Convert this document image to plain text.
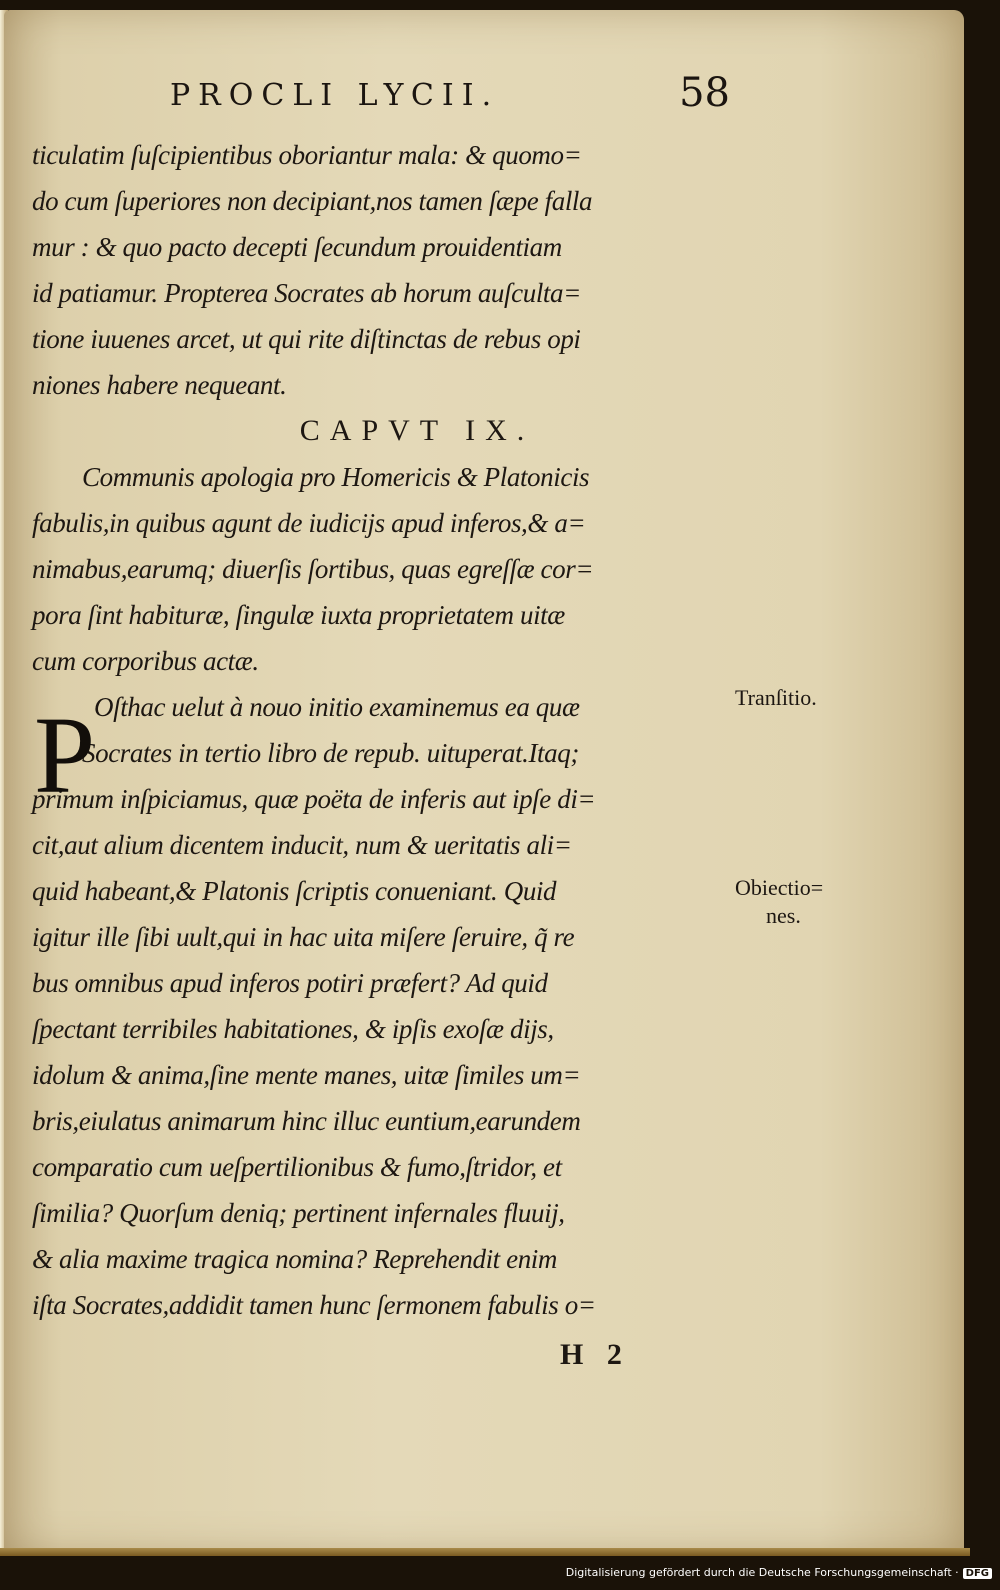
PROCLI LYCII.	58
ticulatim ſuſcipientibus oboriantur mala: & quomo=
do cum ſuperiores non decipiant,nos tamen ſæpe falla
mur : & quo pacto decepti ſecundum prouidentiam
id patiamur. Propterea Socrates ab horum auſculta=
tione iuuenes arcet, ut qui rite diſtinctas de rebus opi
niones habere nequeant.
CAPVT IX.
Communis apologia pro Homericis & Platonicis
fabulis,in quibus agunt de iudicijs apud inferos,& a=
nimabus,earumq; diuerſis ſortibus, quas egreſſæ cor=
pora ſint habituræ, ſingulæ iuxta proprietatem uitæ
cum corporibus actæ.
Oſthac uelut à nouo initio examinemus ea quæ
Socrates in tertio libro de repub. uituperat.Itaq;
primum inſpiciamus, quæ poëta de inferis aut ipſe di=
cit,aut alium dicentem inducit, num & ueritatis ali=
quid habeant,& Platonis ſcriptis conueniant. Quid
igitur ille ſibi uult,qui in hac uita miſere ſeruire, q̃ re
bus omnibus apud inferos potiri præfert? Ad quid
ſpectant terribiles habitationes, & ipſis exoſæ dijs,
idolum & anima,ſine mente manes, uitæ ſimiles um=
bris,eiulatus animarum hinc illuc euntium,earundem
comparatio cum ueſpertilionibus & fumo,ſtridor, et
ſimilia? Quorſum deniq; pertinent infernales fluuij,
& alia maxime tragica nomina? Reprehendit enim
iſta Socrates,addidit tamen hunc ſermonem fabulis o=
P	Tranſitio.
Obiectio=
nes.
H 2
Digitalisierung gefördert durch die Deutsche Forschungsgemeinschaft · DFG
